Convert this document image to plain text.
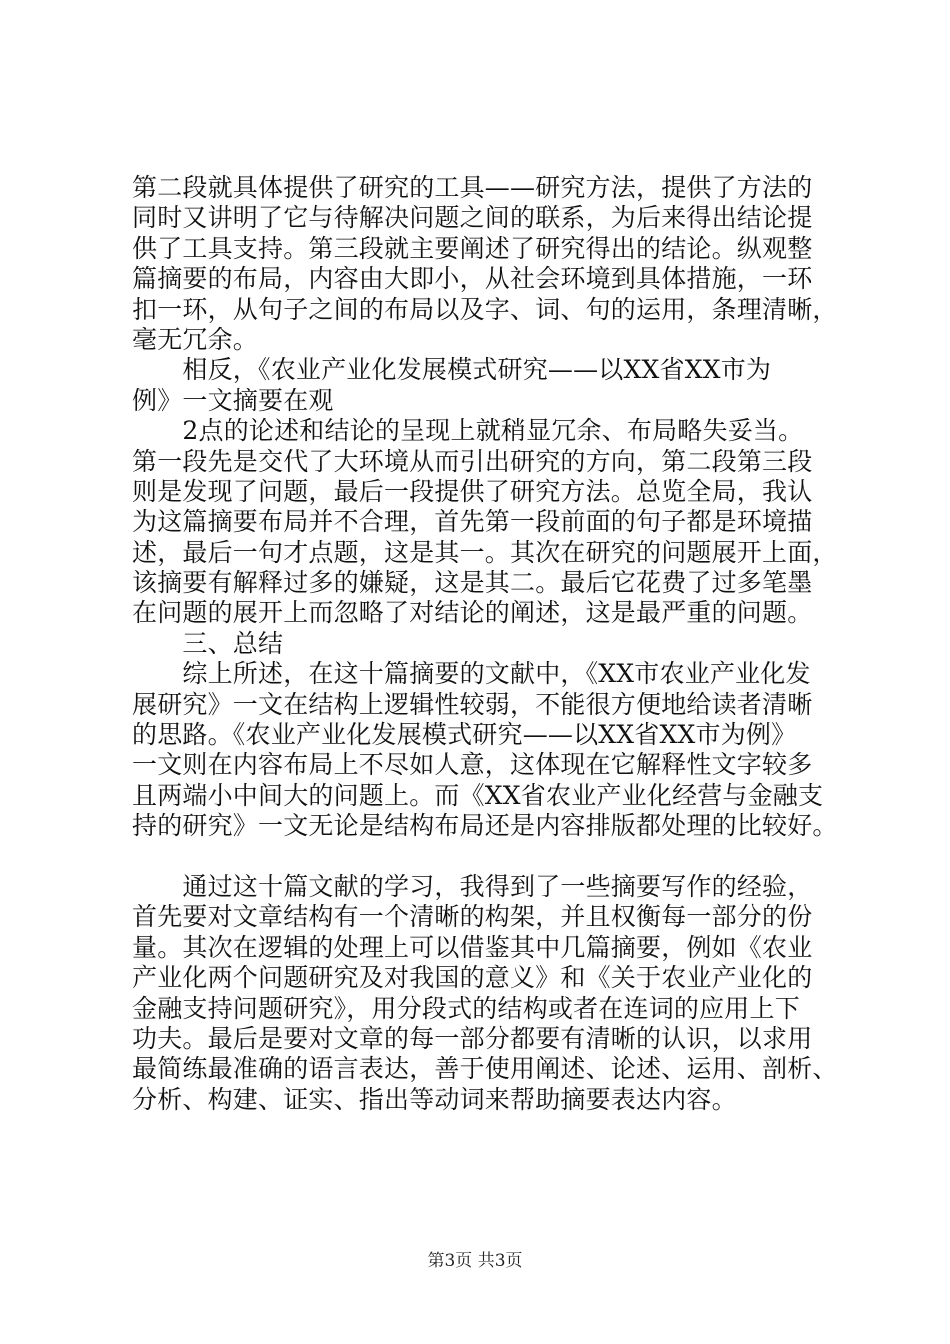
第二段就具体提供了研究的工具——研究方法，提供了方法的
同时又讲明了它与待解决问题之间的联系，为后来得出结论提
供了工具支持。第三段就主要阐述了研究得出的结论。纵观整
篇摘要的布局，内容由大即小，从社会环境到具体措施，一环
扣一环，从句子之间的布局以及字、词、句的运用，条理清晰，
毫无冗余。
　　相反，《农业产业化发展模式研究——以XX省XX市为
例》一文摘要在观
　　2点的论述和结论的呈现上就稍显冗余、布局略失妥当。
第一段先是交代了大环境从而引出研究的方向，第二段第三段
则是发现了问题，最后一段提供了研究方法。总览全局，我认
为这篇摘要布局并不合理，首先第一段前面的句子都是环境描
述，最后一句才点题，这是其一。其次在研究的问题展开上面，
该摘要有解释过多的嫌疑，这是其二。最后它花费了过多笔墨
在问题的展开上而忽略了对结论的阐述，这是最严重的问题。
　　三、总结
　　综上所述，在这十篇摘要的文献中，《XX市农业产业化发
展研究》一文在结构上逻辑性较弱，不能很方便地给读者清晰
的思路。《农业产业化发展模式研究——以XX省XX市为例》
一文则在内容布局上不尽如人意，这体现在它解释性文字较多
且两端小中间大的问题上。而《XX省农业产业化经营与金融支
持的研究》一文无论是结构布局还是内容排版都处理的比较好。
　　通过这十篇文献的学习，我得到了一些摘要写作的经验，
首先要对文章结构有一个清晰的构架，并且权衡每一部分的份
量。其次在逻辑的处理上可以借鉴其中几篇摘要，例如《农业
产业化两个问题研究及对我国的意义》和《关于农业产业化的
金融支持问题研究》，用分段式的结构或者在连词的应用上下
功夫。最后是要对文章的每一部分都要有清晰的认识，以求用
最简练最准确的语言表达，善于使用阐述、论述、运用、剖析、
分析、构建、证实、指出等动词来帮助摘要表达内容。
第3页 共3页
